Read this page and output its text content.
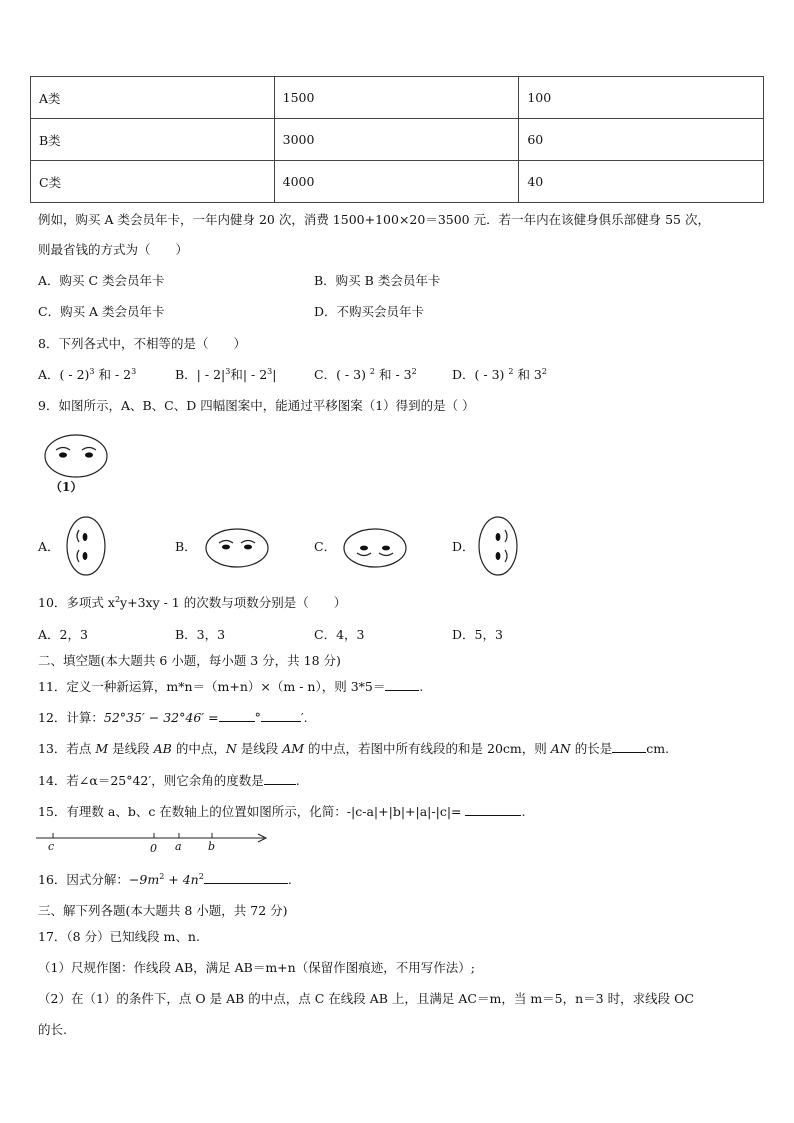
A类	1500	100
B类	3000	60
C类	4000	40
例如，购买 A 类会员年卡，一年内健身 20 次，消费 1500+100×20＝3500 元．若一年内在该健身俱乐部健身 55 次，
则最省钱的方式为（　　）
A．购买 C 类会员年卡	B．购买 B 类会员年卡
C．购买 A 类会员年卡	D．不购买会员年卡
8．下列各式中，不相等的是（　　）
A．( - 2)$^3$ 和 - $2^3$	B．| - $2|^3$和| - $2^3|$	C．( - 3) $^2$ 和 - $3^2$	D．( - 3) $^2$ 和 $3^2$
9．如图所示，A、B、C、D 四幅图案中，能通过平移图案（1）得到的是（ ）
（1）
A．	B．	C．	D．
10．多项式 $x^2y+3xy - 1$ 的次数与项数分别是（　　）
A．2，3	B．3，3	C．4，3	D．5，3
二、填空题(本大题共 6 小题，每小题 3 分，共 18 分)
11．定义一种新运算，m*n＝（m+n）×（m - n），则 3*5＝	.
12．计算：52°35′ − 32°46′ =	°	′.
13．若点 M 是线段 AB 的中点，N 是线段 AM 的中点，若图中所有线段的和是 20cm，则 AN 的长是	cm.
14．若∠α＝25°42′，则它余角的度数是	.
15．有理数 a、b、c 在数轴上的位置如图所示，化简：-|c-a|+|b|+|a|-|c|=	.
c	0 a b
16．因式分解：$-9m^2 + 4n^2$	.
三、解下列各题(本大题共 8 小题，共 72 分)
17．（8 分）已知线段 m、n.
（1）尺规作图：作线段 AB，满足 AB＝m+n（保留作图痕迹，不用写作法）;
（2）在（1）的条件下，点 O 是 AB 的中点，点 C 在线段 AB 上，且满足 AC＝m，当 m＝5，n＝3 时，求线段 OC
的长.
